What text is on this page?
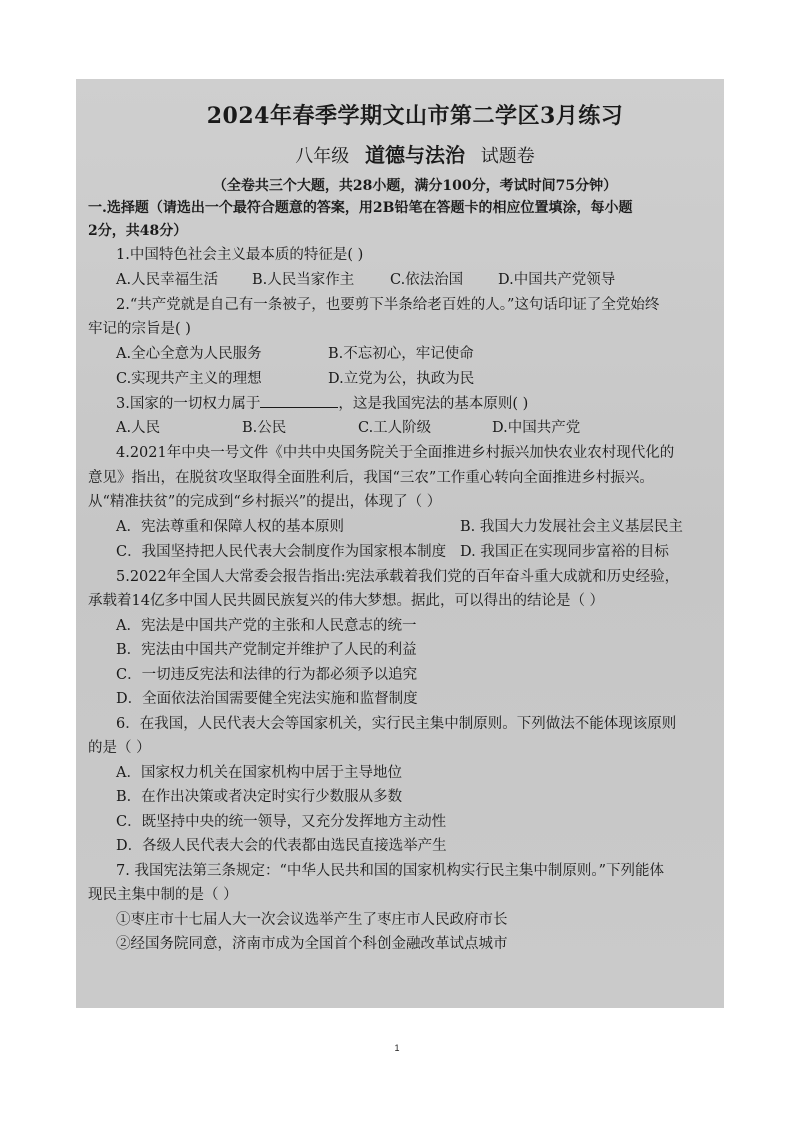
2024年春季学期文山市第二学区3月练习
八年级 道德与法治 试题卷
（全卷共三个大题，共28小题，满分100分，考试时间75分钟）
一.选择题（请选出一个最符合题意的答案，用2B铅笔在答题卡的相应位置填涂，每小题
2分，共48分）
1.中国特色社会主义最本质的特征是( )
A.人民幸福生活	B.人民当家作主	C.依法治国	D.中国共产党领导
2.“共产党就是自己有一条被子，也要剪下半条给老百姓的人。”这句话印证了全党始终
牢记的宗旨是( )
A.全心全意为人民服务	B.不忘初心，牢记使命
C.实现共产主义的理想	D.立党为公，执政为民
3.国家的一切权力属于	，这是我国宪法的基本原则( )
A.人民	B.公民	C.工人阶级	D.中国共产党
4.2021年中央一号文件《中共中央国务院关于全面推进乡村振兴加快农业农村现代化的
意见》指出，在脱贫攻坚取得全面胜利后，我国“三农”工作重心转向全面推进乡村振兴。
从“精准扶贫”的完成到“乡村振兴”的提出，体现了（ ）
A．宪法尊重和保障人权的基本原则	B. 我国大力发展社会主义基层民主
C．我国坚持把人民代表大会制度作为国家根本制度 D. 我国正在实现同步富裕的目标
5.2022年全国人大常委会报告指出:宪法承载着我们党的百年奋斗重大成就和历史经验，
承载着14亿多中国人民共圆民族复兴的伟大梦想。据此，可以得出的结论是（ ）
A．宪法是中国共产党的主张和人民意志的统一
B．宪法由中国共产党制定并维护了人民的利益
C．一切违反宪法和法律的行为都必须予以追究
D．全面依法治国需要健全宪法实施和监督制度
6．在我国，人民代表大会等国家机关，实行民主集中制原则。下列做法不能体现该原则
的是（ ）
A．国家权力机关在国家机构中居于主导地位
B．在作出决策或者决定时实行少数服从多数
C．既坚持中央的统一领导，又充分发挥地方主动性
D．各级人民代表大会的代表都由选民直接选举产生
7. 我国宪法第三条规定：“中华人民共和国的国家机构实行民主集中制原则。”下列能体
现民主集中制的是（ ）
①枣庄市十七届人大一次会议选举产生了枣庄市人民政府市长
②经国务院同意，济南市成为全国首个科创金融改革试点城市
1
